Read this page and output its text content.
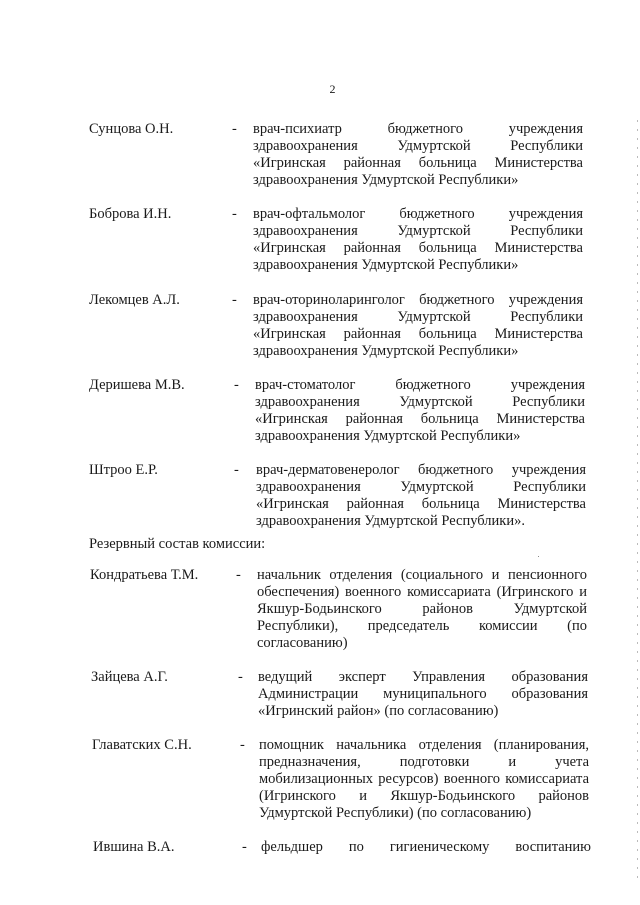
2
Сунцова О.Н.	- врач-психиатр бюджетного учреждения здравоохранения Удмуртской Республики «Игринская районная больница Министерства здравоохранения Удмуртской Республики»
Боброва И.Н.	- врач-офтальмолог бюджетного учреждения здравоохранения Удмуртской Республики «Игринская районная больница Министерства здравоохранения Удмуртской Республики»
Лекомцев А.Л.	- врач-оториноларинголог бюджетного учреждения здравоохранения Удмуртской Республики «Игринская районная больница Министерства здравоохранения Удмуртской Республики»
Деришева М.В.	- врач-стоматолог бюджетного учреждения здравоохранения Удмуртской Республики «Игринская районная больница Министерства здравоохранения Удмуртской Республики»
Штроо Е.Р.	- врач-дерматовенеролог бюджетного учреждения здравоохранения Удмуртской Республики «Игринская районная больница Министерства здравоохранения Удмуртской Республики».
Резервный состав комиссии:
Кондратьева Т.М.	- начальник отделения (социального и пенсионного обеспечения) военного комиссариата (Игринского и Якшур-Бодьинского районов Удмуртской Республики), председатель комиссии (по согласованию)
Зайцева А.Г.	- ведущий эксперт Управления образования Администрации муниципального образования «Игринский район» (по согласованию)
Главатских С.Н.	- помощник начальника отделения (планирования, предназначения, подготовки и учета мобилизационных ресурсов) военного комиссариата (Игринского и Якшур-Бодьинского районов Удмуртской Республики) (по согласованию)
Ившина В.А.	- фельдшер по гигиеническому воспитанию
